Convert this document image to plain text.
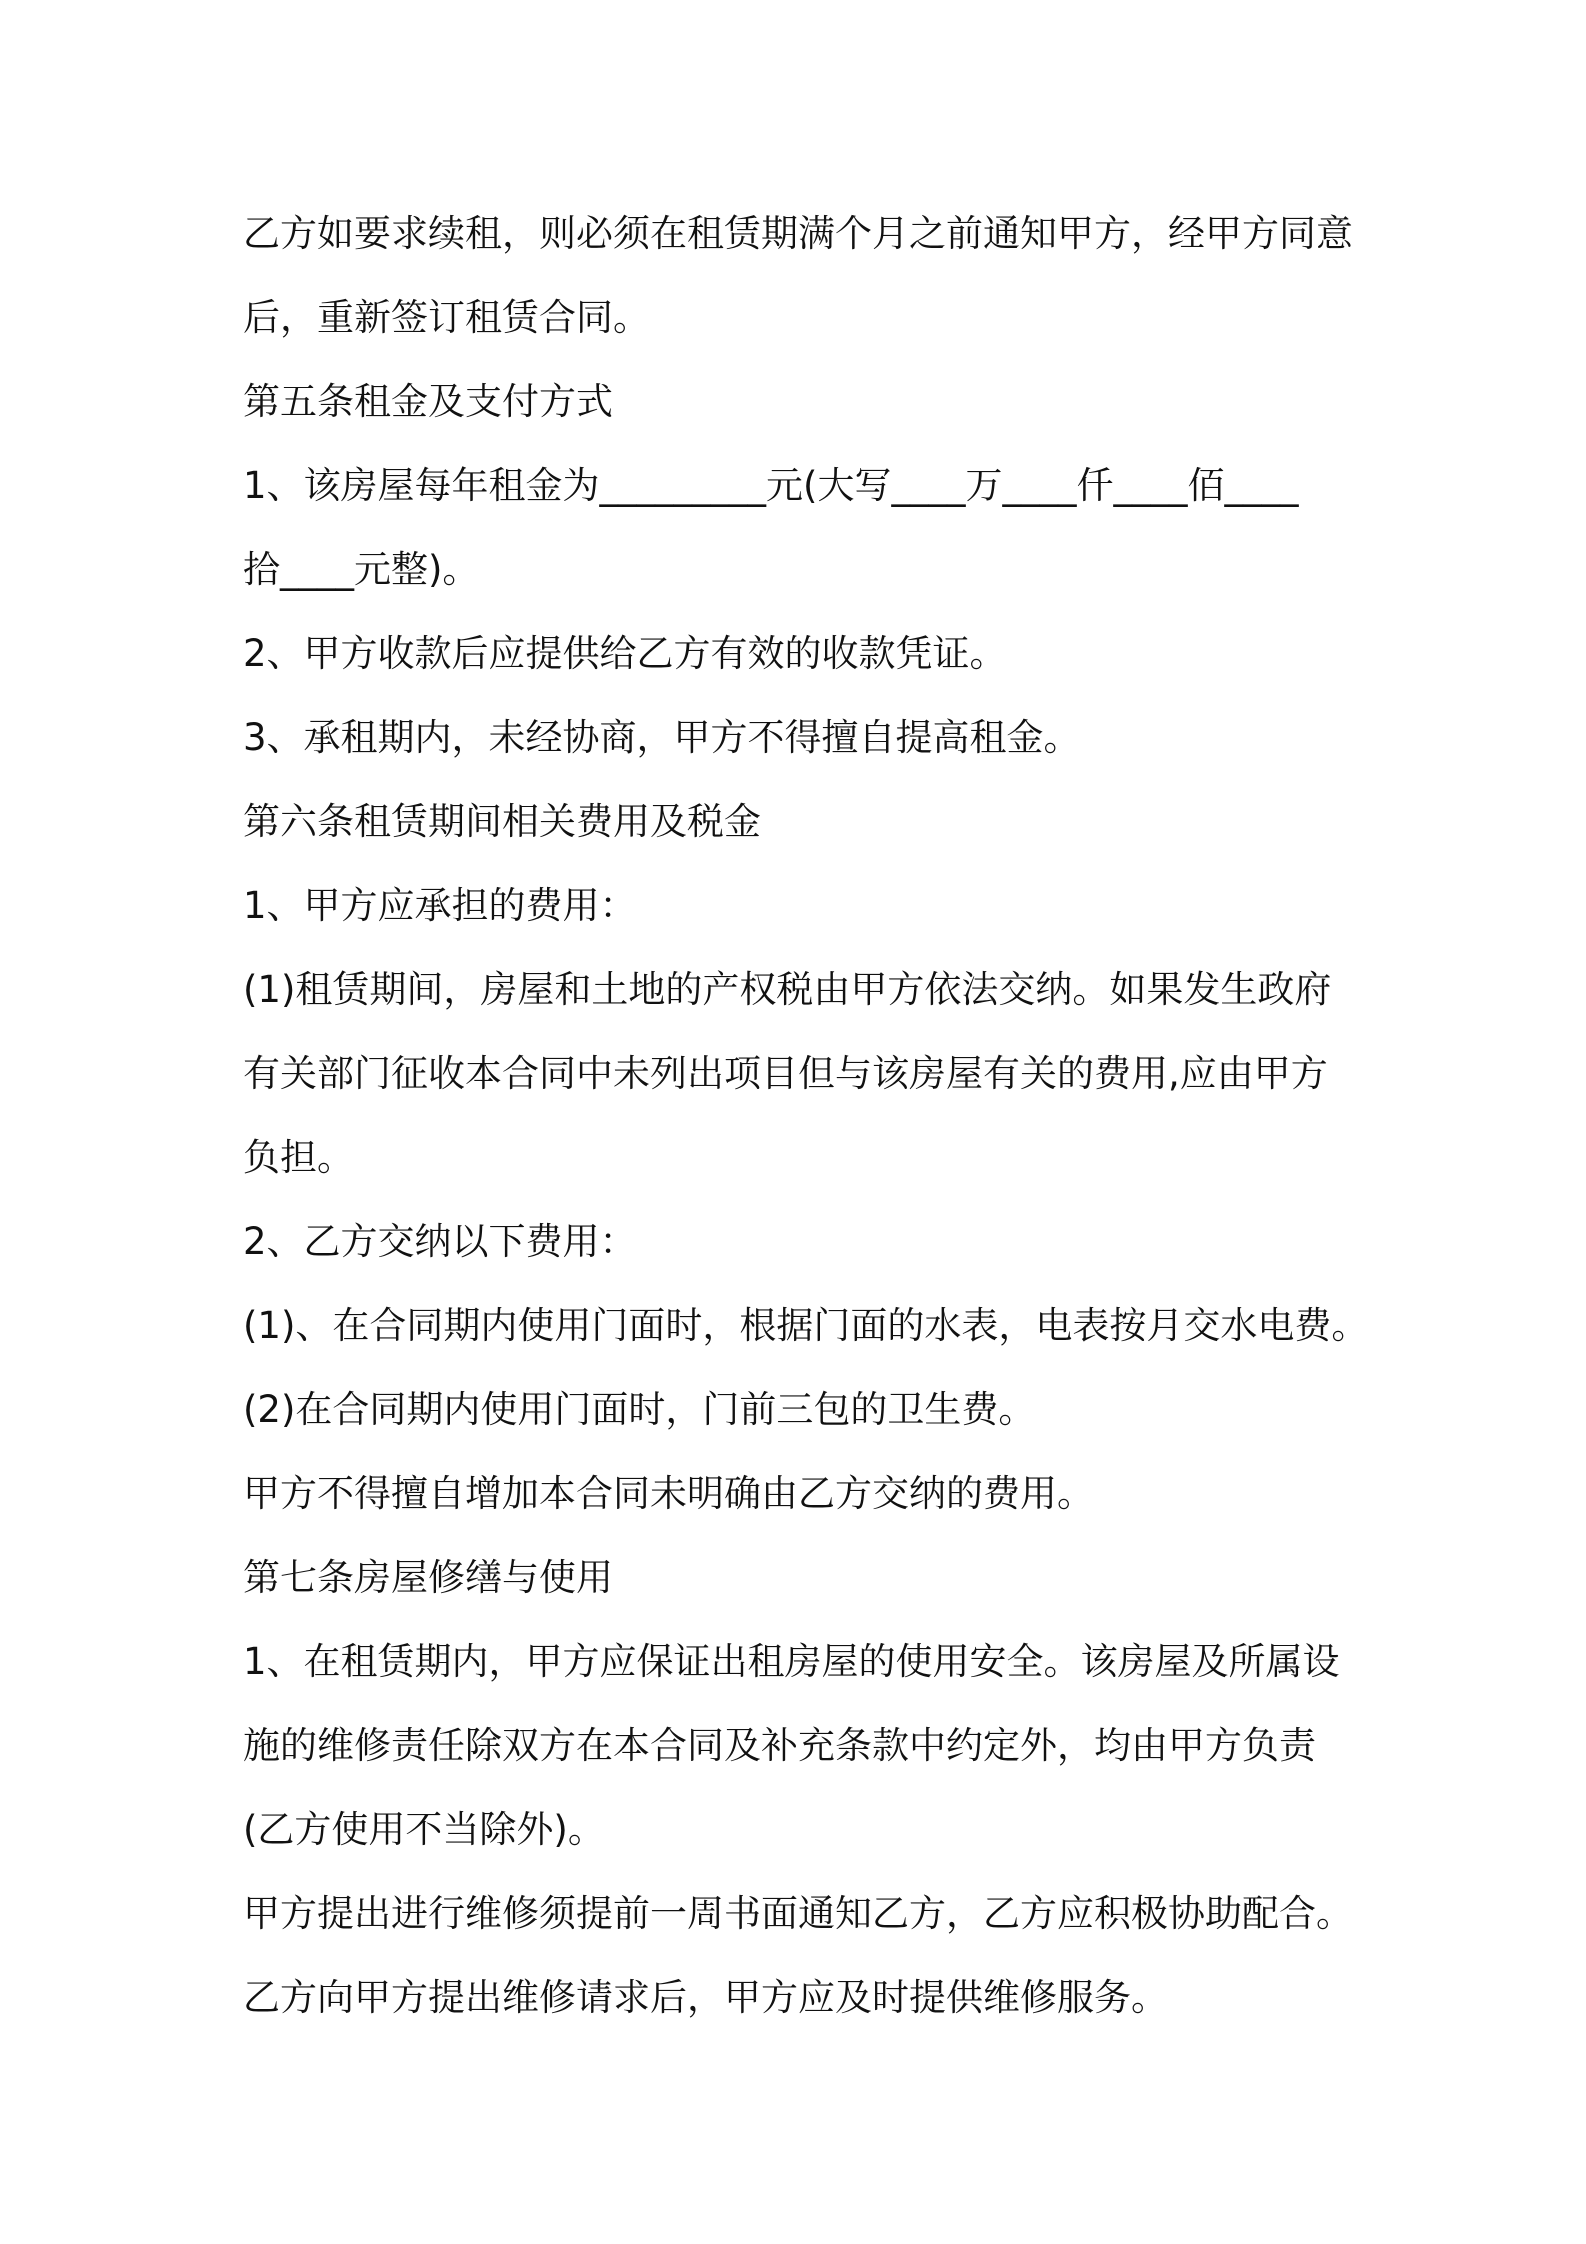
乙方如要求续租，则必须在租赁期满个月之前通知甲方，经甲方同意

后，重新签订租赁合同。

第五条租金及支付方式

1、该房屋每年租金为_________元(大写____万____仟____佰____

拾____元整)。

2、甲方收款后应提供给乙方有效的收款凭证。

3、承租期内，未经协商，甲方不得擅自提高租金。

第六条租赁期间相关费用及税金

1、甲方应承担的费用：

(1)租赁期间，房屋和土地的产权税由甲方依法交纳。如果发生政府

有关部门征收本合同中未列出项目但与该房屋有关的费用,应由甲方

负担。

2、乙方交纳以下费用：

(1)、在合同期内使用门面时，根据门面的水表，电表按月交水电费。

(2)在合同期内使用门面时，门前三包的卫生费。

甲方不得擅自增加本合同未明确由乙方交纳的费用。

第七条房屋修缮与使用

1、在租赁期内，甲方应保证出租房屋的使用安全。该房屋及所属设

施的维修责任除双方在本合同及补充条款中约定外，均由甲方负责

(乙方使用不当除外)。

甲方提出进行维修须提前一周书面通知乙方，乙方应积极协助配合。

乙方向甲方提出维修请求后，甲方应及时提供维修服务。
